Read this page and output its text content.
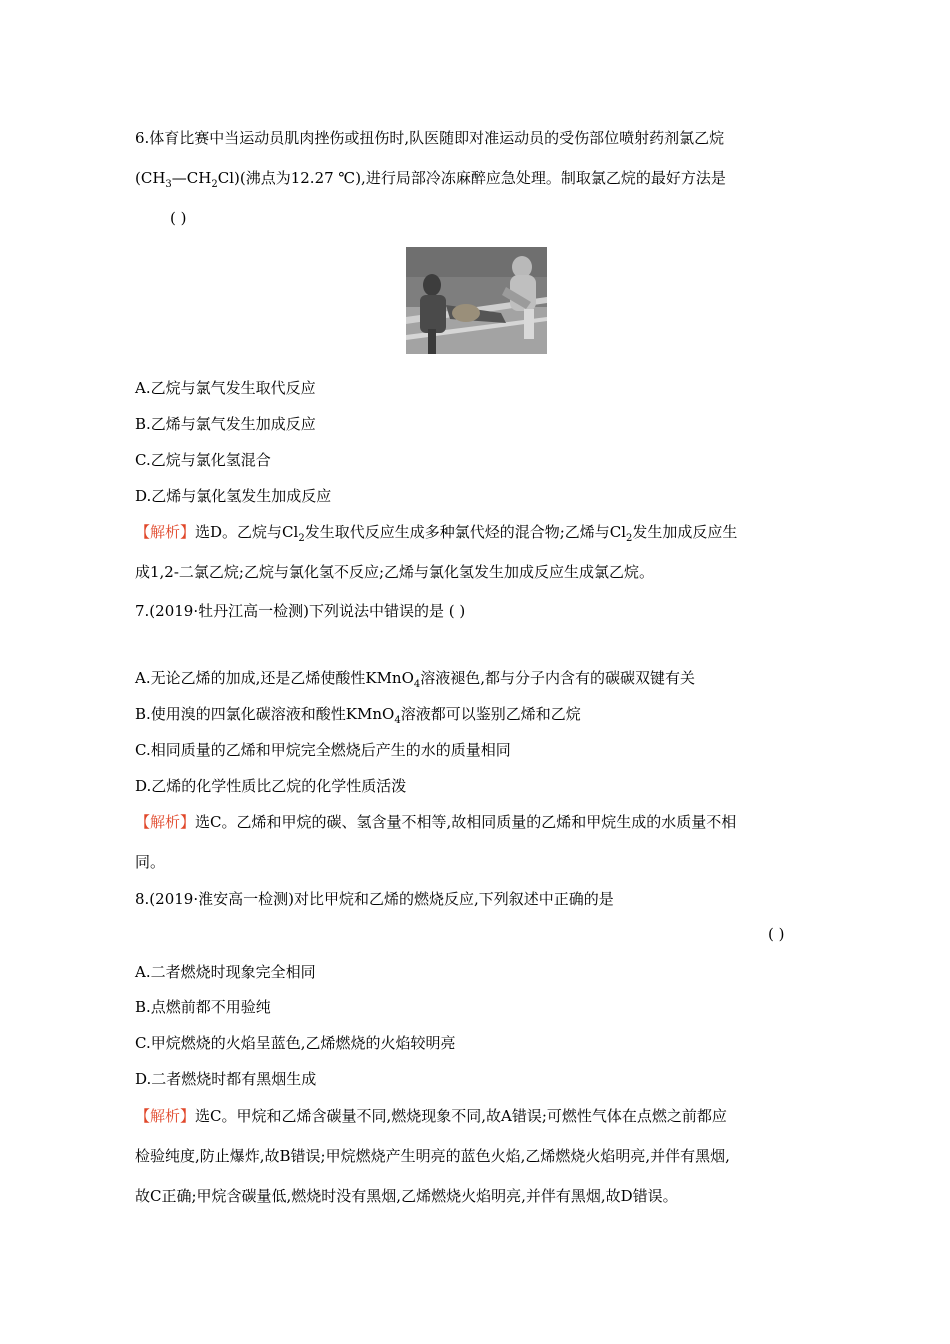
6.体育比赛中当运动员肌肉挫伤或扭伤时,队医随即对准运动员的受伤部位喷射药剂氯乙烷
$(CH_3—CH_2Cl)$(沸点为12.27 ℃),进行局部冷冻麻醉应急处理。制取氯乙烷的最好方法是
( )
A.乙烷与氯气发生取代反应
B.乙烯与氯气发生加成反应
C.乙烷与氯化氢混合
D.乙烯与氯化氢发生加成反应
【解析】选D。乙烷与$Cl_2$发生取代反应生成多种氯代烃的混合物;乙烯与$Cl_2$发生加成反应生
成1,2-二氯乙烷;乙烷与氯化氢不反应;乙烯与氯化氢发生加成反应生成氯乙烷。
7.(2019·牡丹江高一检测)下列说法中错误的是 ( )
A.无论乙烯的加成,还是乙烯使酸性KMnO$_4$溶液褪色,都与分子内含有的碳碳双键有关
B.使用溴的四氯化碳溶液和酸性KMnO$_4$溶液都可以鉴别乙烯和乙烷
C.相同质量的乙烯和甲烷完全燃烧后产生的水的质量相同
D.乙烯的化学性质比乙烷的化学性质活泼
【解析】选C。乙烯和甲烷的碳、氢含量不相等,故相同质量的乙烯和甲烷生成的水质量不相
同。
8.(2019·淮安高一检测)对比甲烷和乙烯的燃烧反应,下列叙述中正确的是
( )
A.二者燃烧时现象完全相同
B.点燃前都不用验纯
C.甲烷燃烧的火焰呈蓝色,乙烯燃烧的火焰较明亮
D.二者燃烧时都有黑烟生成
【解析】选C。甲烷和乙烯含碳量不同,燃烧现象不同,故A错误;可燃性气体在点燃之前都应
检验纯度,防止爆炸,故B错误;甲烷燃烧产生明亮的蓝色火焰,乙烯燃烧火焰明亮,并伴有黑烟,
故C正确;甲烷含碳量低,燃烧时没有黑烟,乙烯燃烧火焰明亮,并伴有黑烟,故D错误。
